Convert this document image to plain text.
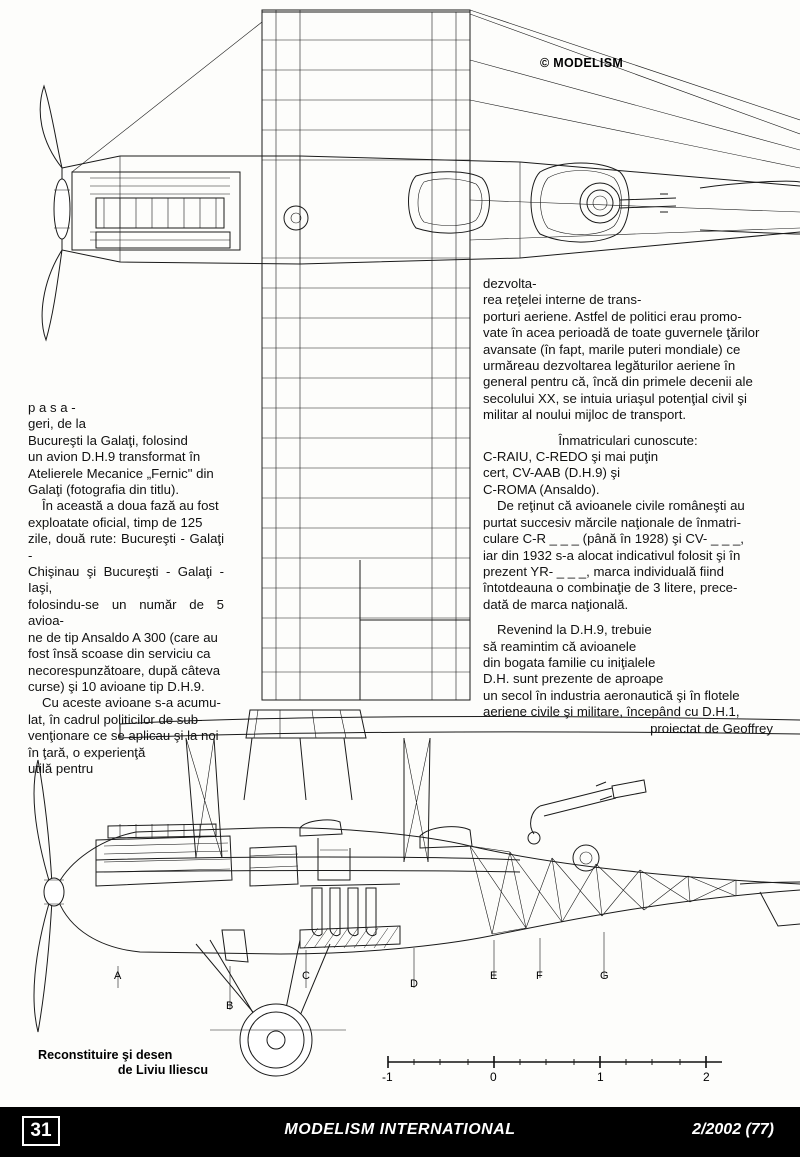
A
B
C
D
E	F	G
-1	0	1	2
© MODELISM

p a s a -

geri, de la

Bucureşti la Galaţi, folosind

un avion D.H.9 transformat în

Atelierele Mecanice „Fernic" din

Galaţi (fotografia din titlu).

În această a doua fază au fost

exploatate oficial, timp de 125

zile, două rute: Bucureşti - Galaţi -

Chişinau şi Bucureşti - Galaţi - Iaşi,

folosindu-se un număr de 5 avioa-

ne de tip Ansaldo A 300 (care au

fost însă scoase din serviciu ca

necorespunzătoare, după câteva

curse) şi 10 avioane tip D.H.9.

Cu aceste avioane s-a acumu-

lat, în cadrul politicilor de sub-

venţionare ce se aplicau şi la noi

în ţară, o experienţă

utilă pentru

dezvolta-

rea reţelei interne de trans-

porturi aeriene. Astfel de politici erau promo-

vate în acea perioadă de toate guvernele ţărilor

avansate (în fapt, marile puteri mondiale) ce

urmăreau dezvoltarea legăturilor aeriene în

general pentru că, încă din primele decenii ale

secolului XX, se intuia uriaşul potenţial civil şi

militar al noului mijloc de transport.

Înmatriculari cunoscute:

C-RAIU, C-REDO şi mai puţin

cert, CV-AAB (D.H.9) şi

C-ROMA (Ansaldo).

De reţinut că avioanele civile româneşti au

purtat succesiv mărcile naţionale de înmatri-

culare C-R _ _ _ (până în 1928) şi CV- _ _ _,

iar din 1932 s-a alocat indicativul folosit şi în

prezent YR- _ _ _, marca individuală fiind

întotdeauna o combinaţie de 3 litere, prece-

dată de marca naţională.

Revenind la D.H.9, trebuie

să reamintim că avioanele

din bogata familie cu iniţialele

D.H. sunt prezente de aproape

un secol în industria aeronautică şi în flotele

aeriene civile şi militare, începând cu D.H.1,

proiectat de Geoffrey

Reconstituire şi desen
de Liviu Iliescu
31	MODELISM INTERNATIONAL	2/2002 (77)
